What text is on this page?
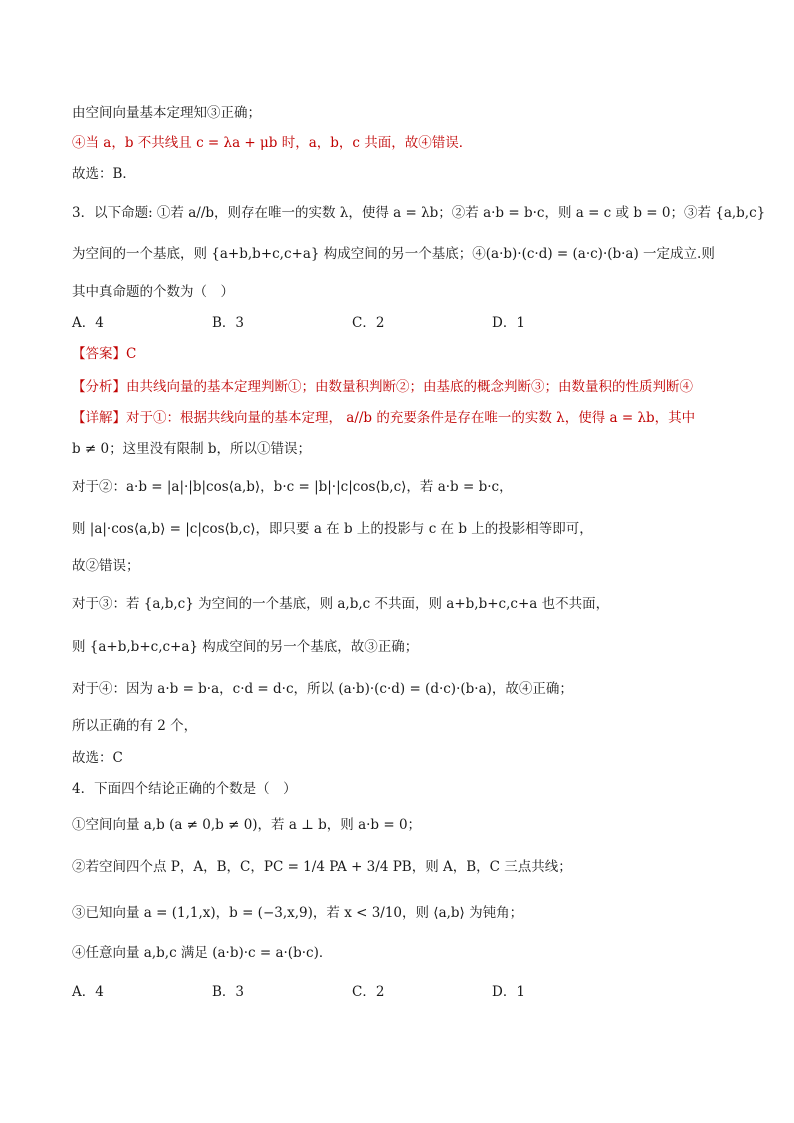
由空间向量基本定理知③正确；
④当 a，b 不共线且 c = λa + μb 时，a，b，c 共面，故④错误．
故选：B．
3．以下命题: ①若 a//b，则存在唯一的实数 λ，使得 a = λb；②若 a·b = b·c，则 a = c 或 b = 0；③若 {a,b,c}
为空间的一个基底，则 {a+b,b+c,c+a} 构成空间的另一个基底；④(a·b)·(c·d) = (a·c)·(b·a) 一定成立.则
其中真命题的个数为（　）
A．4	B．3	C．2	D．1
【答案】C
【分析】由共线向量的基本定理判断①；由数量积判断②；由基底的概念判断③；由数量积的性质判断④
【详解】对于①：根据共线向量的基本定理， a//b 的充要条件是存在唯一的实数 λ，使得 a = λb，其中
b ≠ 0；这里没有限制 b，所以①错误；
对于②：a·b = |a|·|b|cos⟨a,b⟩，b·c = |b|·|c|cos⟨b,c⟩，若 a·b = b·c，
则 |a|·cos⟨a,b⟩ = |c|cos⟨b,c⟩，即只要 a 在 b 上的投影与 c 在 b 上的投影相等即可，
故②错误；
对于③：若 {a,b,c} 为空间的一个基底，则 a,b,c 不共面，则 a+b,b+c,c+a 也不共面，
则 {a+b,b+c,c+a} 构成空间的另一个基底，故③正确；
对于④：因为 a·b = b·a，c·d = d·c，所以 (a·b)·(c·d) = (d·c)·(b·a)，故④正确；
所以正确的有 2 个，
故选：C
4．下面四个结论正确的个数是（　）
①空间向量 a,b (a ≠ 0,b ≠ 0)，若 a ⊥ b，则 a·b = 0；
②若空间四个点 P，A，B，C，PC = 1/4 PA + 3/4 PB，则 A，B，C 三点共线；
③已知向量 a = (1,1,x)，b = (−3,x,9)，若 x < 3/10，则 ⟨a,b⟩ 为钝角；
④任意向量 a,b,c 满足 (a·b)·c = a·(b·c)．
A．4	B．3	C．2	D．1
